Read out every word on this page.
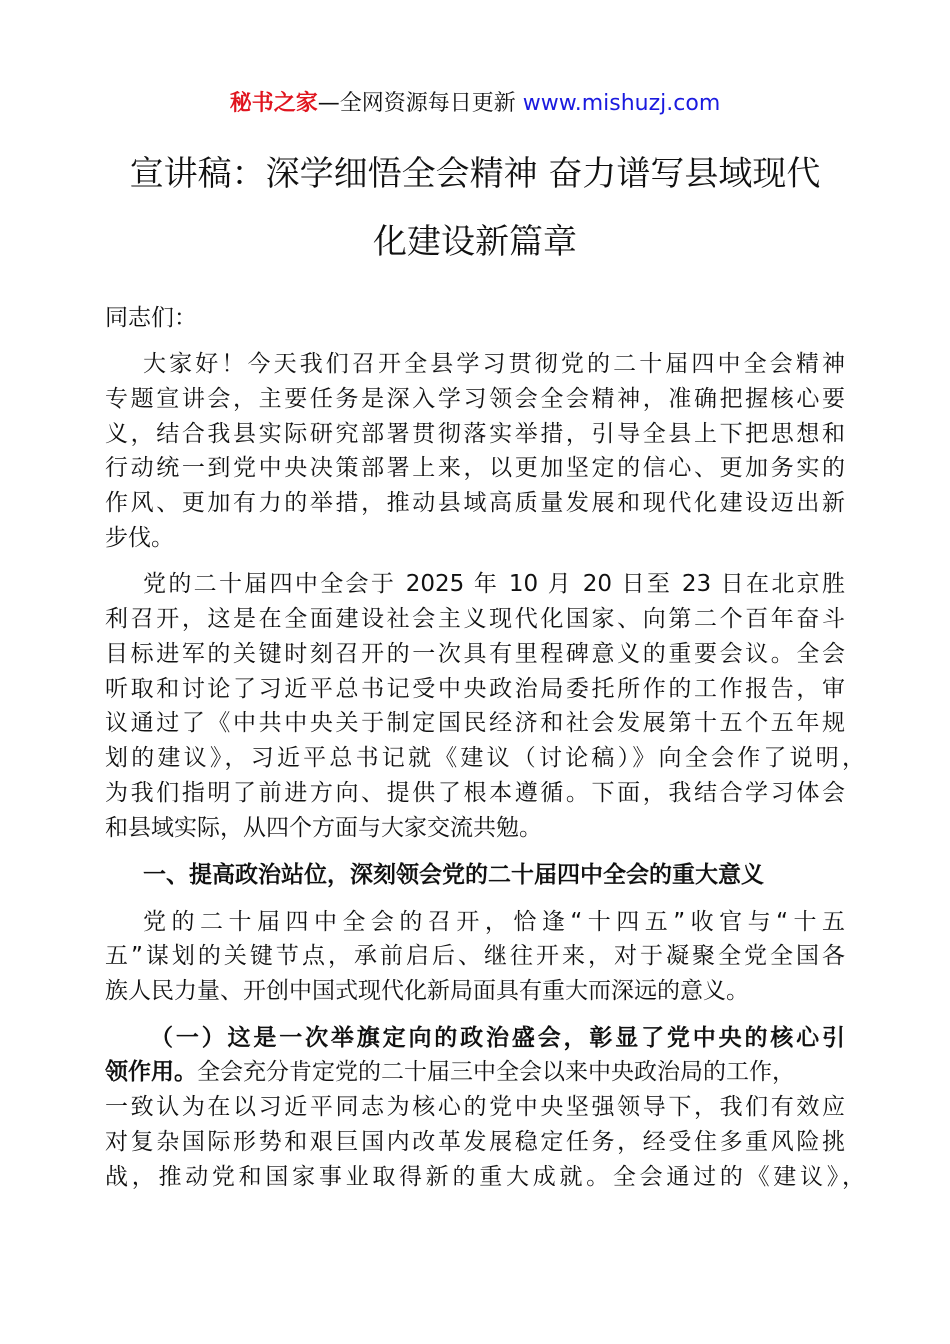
秘书之家—全网资源每日更新 www.mishuzj.com
宣讲稿：深学细悟全会精神 奋力谱写县域现代
化建设新篇章
同志们：
大家好！今天我们召开全县学习贯彻党的二十届四中全会精神
专题宣讲会，主要任务是深入学习领会全会精神，准确把握核心要
义，结合我县实际研究部署贯彻落实举措，引导全县上下把思想和
行动统一到党中央决策部署上来，以更加坚定的信心、更加务实的
作风、更加有力的举措，推动县域高质量发展和现代化建设迈出新
步伐。
党的二十届四中全会于 2025 年 10 月 20 日至 23 日在北京胜
利召开，这是在全面建设社会主义现代化国家、向第二个百年奋斗
目标进军的关键时刻召开的一次具有里程碑意义的重要会议。全会
听取和讨论了习近平总书记受中央政治局委托所作的工作报告，审
议通过了《中共中央关于制定国民经济和社会发展第十五个五年规
划的建议》，习近平总书记就《建议（讨论稿）》向全会作了说明，
为我们指明了前进方向、提供了根本遵循。下面，我结合学习体会
和县域实际，从四个方面与大家交流共勉。
一、提高政治站位，深刻领会党的二十届四中全会的重大意义
党的二十届四中全会的召开，恰逢“十四五”收官与“十五
五”谋划的关键节点，承前启后、继往开来，对于凝聚全党全国各
族人民力量、开创中国式现代化新局面具有重大而深远的意义。
（一）这是一次举旗定向的政治盛会，彰显了党中央的核心引
领作用。全会充分肯定党的二十届三中全会以来中央政治局的工作，
一致认为在以习近平同志为核心的党中央坚强领导下，我们有效应
对复杂国际形势和艰巨国内改革发展稳定任务，经受住多重风险挑
战，推动党和国家事业取得新的重大成就。全会通过的《建议》，
